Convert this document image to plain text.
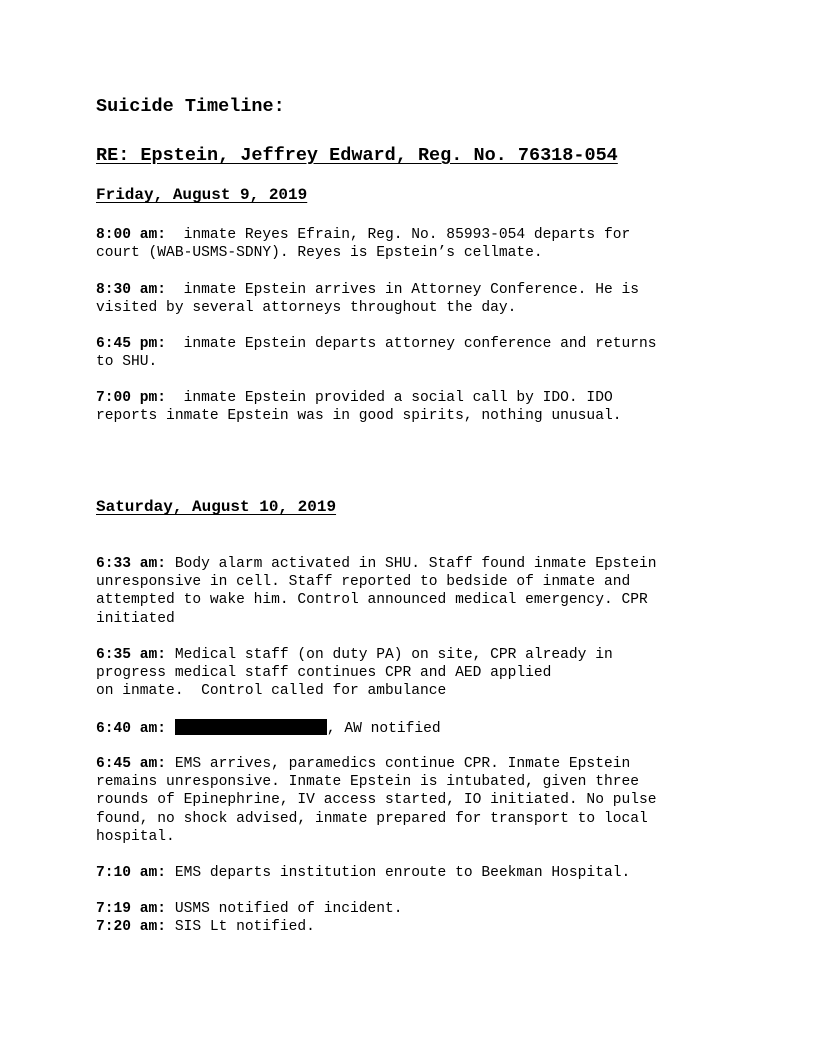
Suicide Timeline:
RE: Epstein, Jeffrey Edward, Reg. No. 76318-054
Friday, August 9, 2019
8:00 am:  inmate Reyes Efrain, Reg. No. 85993-054 departs for
court (WAB-USMS-SDNY). Reyes is Epstein’s cellmate.
8:30 am:  inmate Epstein arrives in Attorney Conference. He is
visited by several attorneys throughout the day.
6:45 pm:  inmate Epstein departs attorney conference and returns
to SHU.
7:00 pm:  inmate Epstein provided a social call by IDO. IDO
reports inmate Epstein was in good spirits, nothing unusual.
Saturday, August 10, 2019
6:33 am: Body alarm activated in SHU. Staff found inmate Epstein
unresponsive in cell. Staff reported to bedside of inmate and
attempted to wake him. Control announced medical emergency. CPR
initiated
6:35 am: Medical staff (on duty PA) on site, CPR already in
progress medical staff continues CPR and AED applied
on inmate.  Control called for ambulance
6:40 am:	, AW notified
6:45 am: EMS arrives, paramedics continue CPR. Inmate Epstein
remains unresponsive. Inmate Epstein is intubated, given three
rounds of Epinephrine, IV access started, IO initiated. No pulse
found, no shock advised, inmate prepared for transport to local
hospital.
7:10 am: EMS departs institution enroute to Beekman Hospital.
7:19 am: USMS notified of incident.
7:20 am: SIS Lt notified.
